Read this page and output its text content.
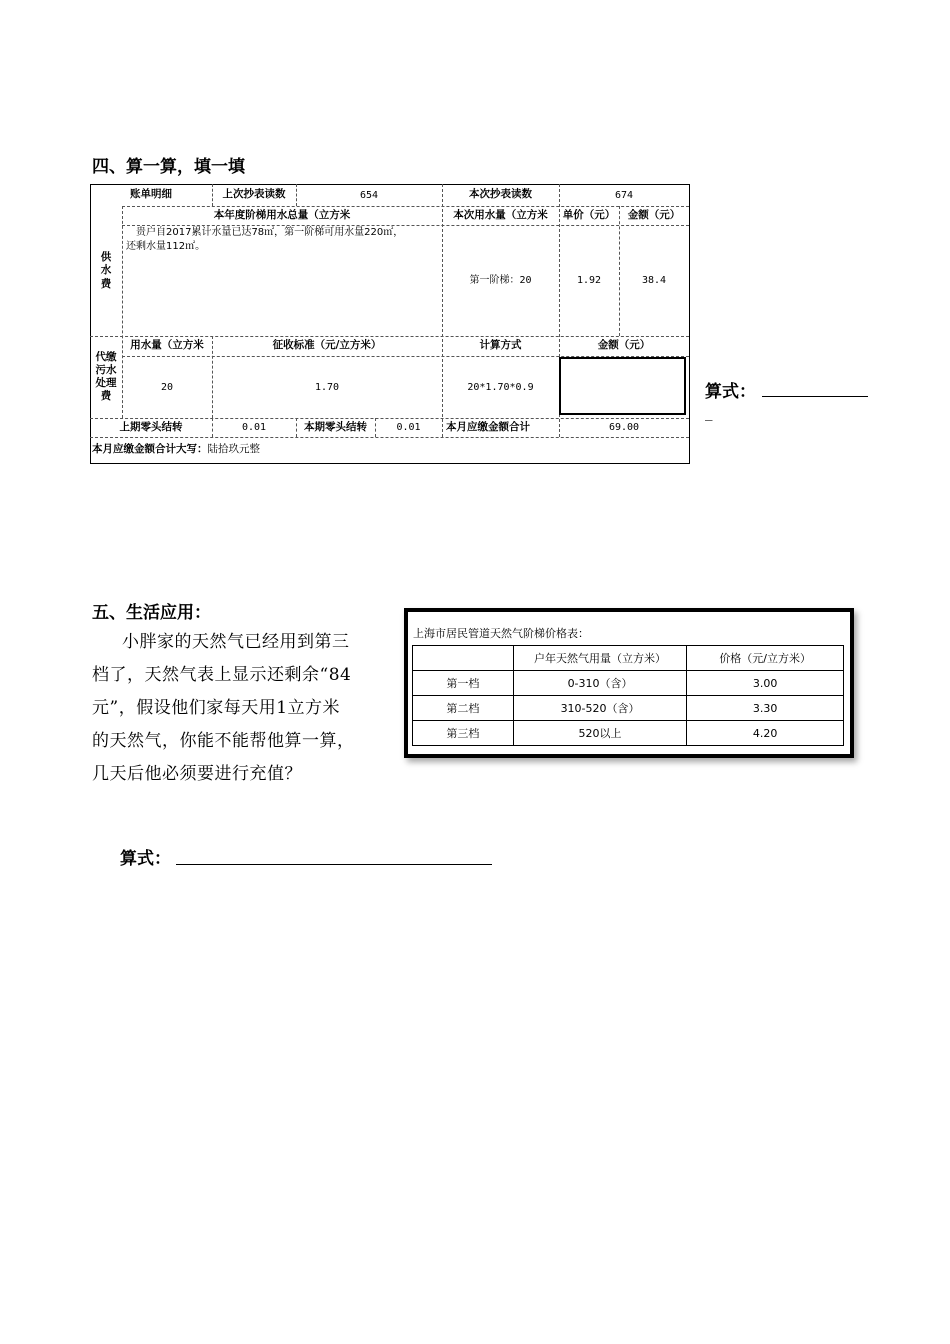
四、算一算，填一填
账单明细	上次抄表读数	654	本次抄表读数	674
供水费
本年度阶梯用水总量（立方米	本次用水量（立方米	单价（元）	金额（元）
贵户自2017累计水量已达78㎡，第一阶梯可用水量220㎡，
还剩水量112㎡。
第一阶梯：20	1.92	38.4
代缴污水处理费
用水量（立方米	征收标准（元/立方米）	计算方式	金额（元）
20	1.70	20*1.70*0.9
上期零头结转	0.01	本期零头结转	0.01	本月应缴金额合计	69.00
本月应缴金额合计大写： 陆拾玖元整
算式：
_
五、生活应用：
小胖家的天然气已经用到第三
档了，天然气表上显示还剩余“84
元”，假设他们家每天用1立方米
的天然气，你能不能帮他算一算，
几天后他必须要进行充值？
上海市居民管道天然气阶梯价格表：
	户年天然气用量（立方米）	价格（元/立方米）
第一档	0-310（含）	3.00
第二档	310-520（含）	3.30
第三档	520以上	4.20
算式：
